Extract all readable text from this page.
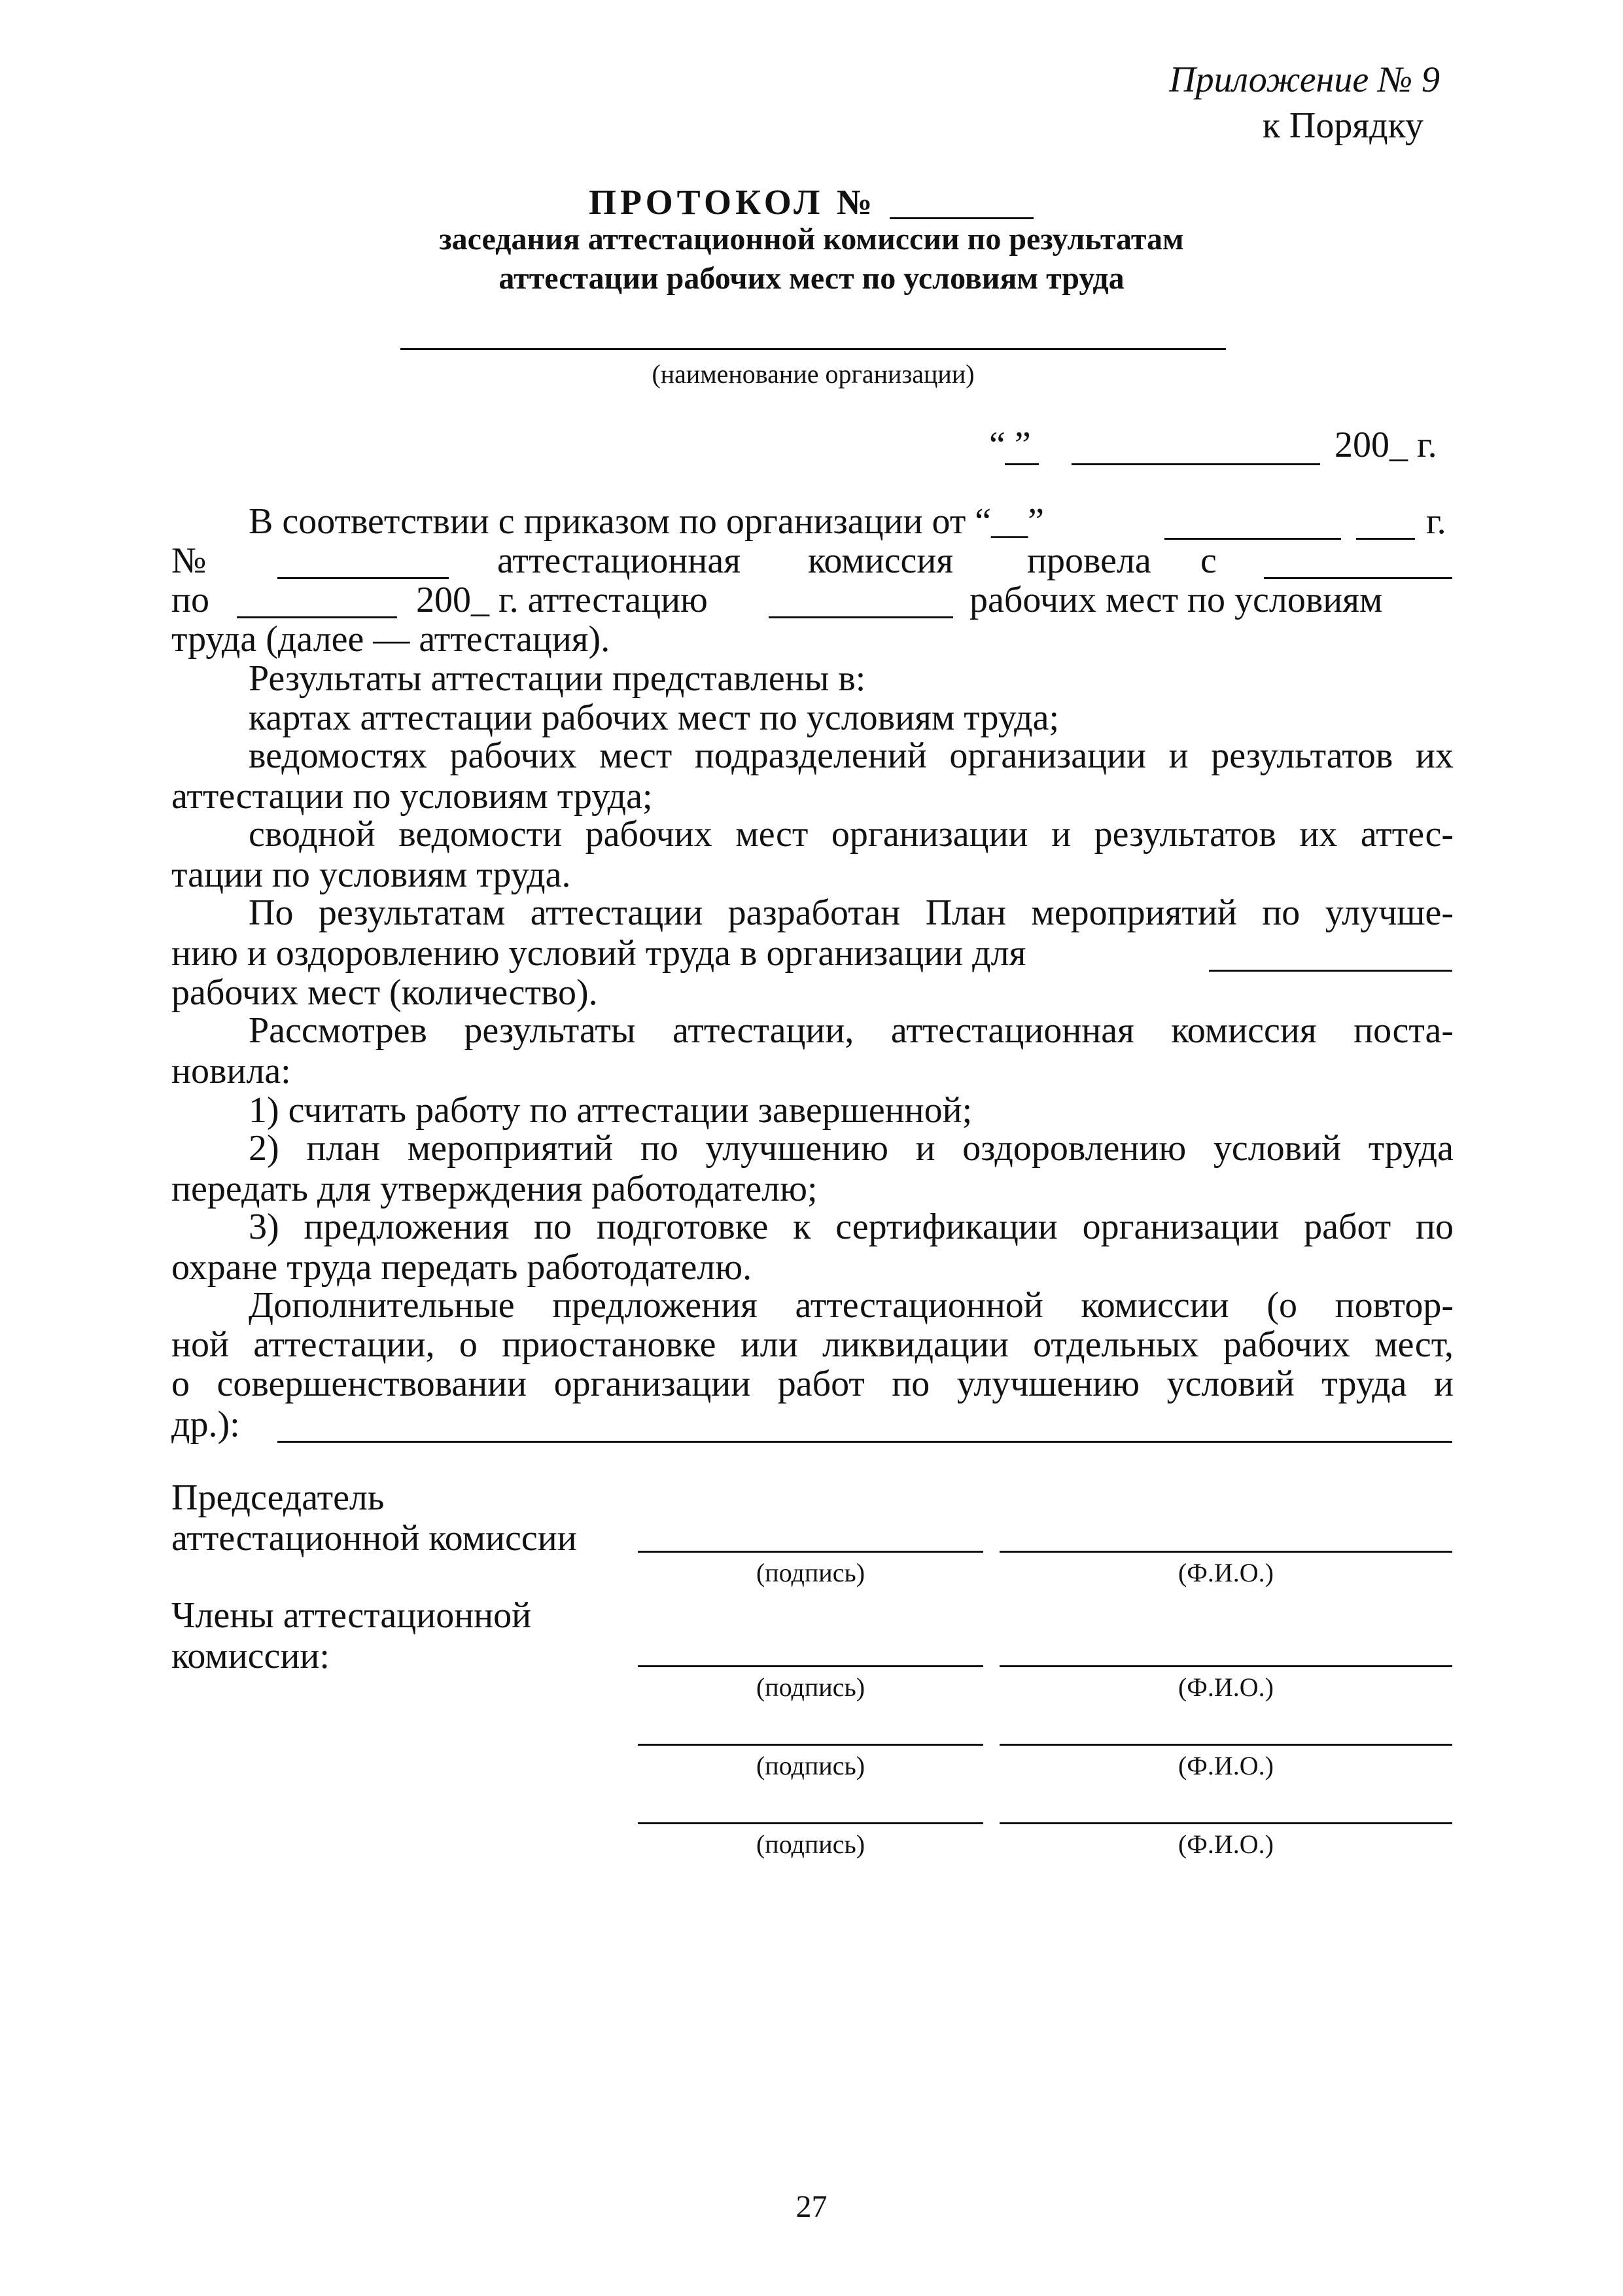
Приложение № 9
к Порядку
ПРОТОКОЛ №
заседания аттестационной комиссии по результатам
аттестации рабочих мест по условиям труда
(наименование организации)
“ ”	200_ г.
В соответствии с приказом по организации от “__”	г.
№	аттестационная комиссия провела с
по	200_ г. аттестацию	рабочих мест по условиям
труда (далее — аттестация).
Результаты аттестации представлены в:
картах аттестации рабочих мест по условиям труда;
ведомостях рабочих мест подразделений организации и результатов их
аттестации по условиям труда;
сводной ведомости рабочих мест организации и результатов их аттес-
тации по условиям труда.
По результатам аттестации разработан План мероприятий по улучше-
нию и оздоровлению условий труда в организации для
рабочих мест (количество).
Рассмотрев результаты аттестации, аттестационная комиссия поста-
новила:
1) считать работу по аттестации завершенной;
2) план мероприятий по улучшению и оздоровлению условий труда
передать для утверждения работодателю;
3) предложения по подготовке к сертификации организации работ по
охране труда передать работодателю.
Дополнительные предложения аттестационной комиссии (о повтор-
ной аттестации, о приостановке или ликвидации отдельных рабочих мест,
о совершенствовании организации работ по улучшению условий труда и
др.):
Председатель
аттестационной комиссии
(подпись)	(Ф.И.О.)
Члены аттестационной
комиссии:
(подпись)	(Ф.И.О.)
(подпись)	(Ф.И.О.)
(подпись)	(Ф.И.О.)
27
